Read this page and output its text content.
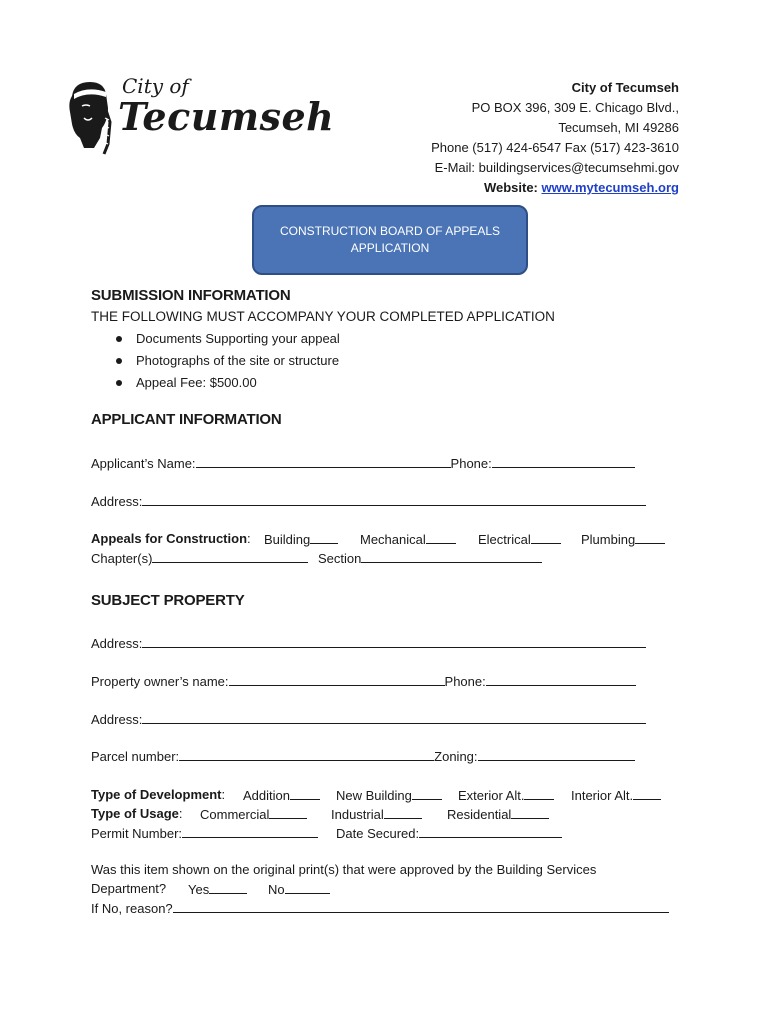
City of
Tecumseh
City of Tecumseh
PO BOX 396, 309 E. Chicago Blvd.,
Tecumseh, MI 49286
Phone (517) 424-6547 Fax (517) 423-3610
E-Mail: buildingservices@tecumsehmi.gov
Website: www.mytecumseh.org
CONSTRUCTION BOARD OF APPEALS APPLICATION
SUBMISSION INFORMATION
THE FOLLOWING MUST ACCOMPANY YOUR COMPLETED APPLICATION
Documents Supporting your appeal
Photographs of the site or structure
Appeal Fee: $500.00
APPLICANT INFORMATION
Applicant’s Name:	Phone:
Address:
Appeals for Construction: Building	Mechanical	Electrical	Plumbing
Chapter(s)	Section
SUBJECT PROPERTY
Address:
Property owner’s name:	Phone:
Address:
Parcel number:	Zoning:
Type of Development: Addition	New Building	Exterior Alt.	Interior Alt.
Type of Usage: Commercial	Industrial	Residential
Permit Number:	Date Secured:
Was this item shown on the original print(s) that were approved by the Building Services
Department? Yes	No
If No, reason?
